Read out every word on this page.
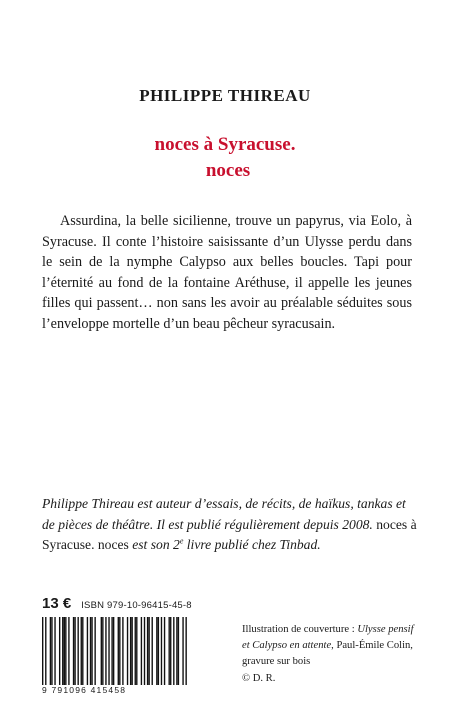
PHILIPPE THIREAU
noces à Syracuse.
noces

Assurdina, la belle sicilienne, trouve un papyrus, via Eolo, à Syracuse. Il conte l’histoire saisissante d’un Ulysse perdu dans le sein de la nymphe Calypso aux belles boucles. Tapi pour l’éternité au fond de la fontaine Aréthuse, il appelle les jeunes filles qui passent… non sans les avoir au préalable séduites sous l’enveloppe mortelle d’un beau pêcheur syracusain.

Philippe Thireau est auteur d’essais, de récits, de haïkus, tankas et de pièces de théâtre. Il est publié régulièrement depuis 2008. noces à Syracuse. noces est son 2e livre publié chez Tinbad.

13 € ISBN 979-10-96415-45-8
9 791096 415458

Illustration de couverture : Ulysse pensif et Calypso en attente, Paul-Émile Colin, gravure sur bois
© D. R.
